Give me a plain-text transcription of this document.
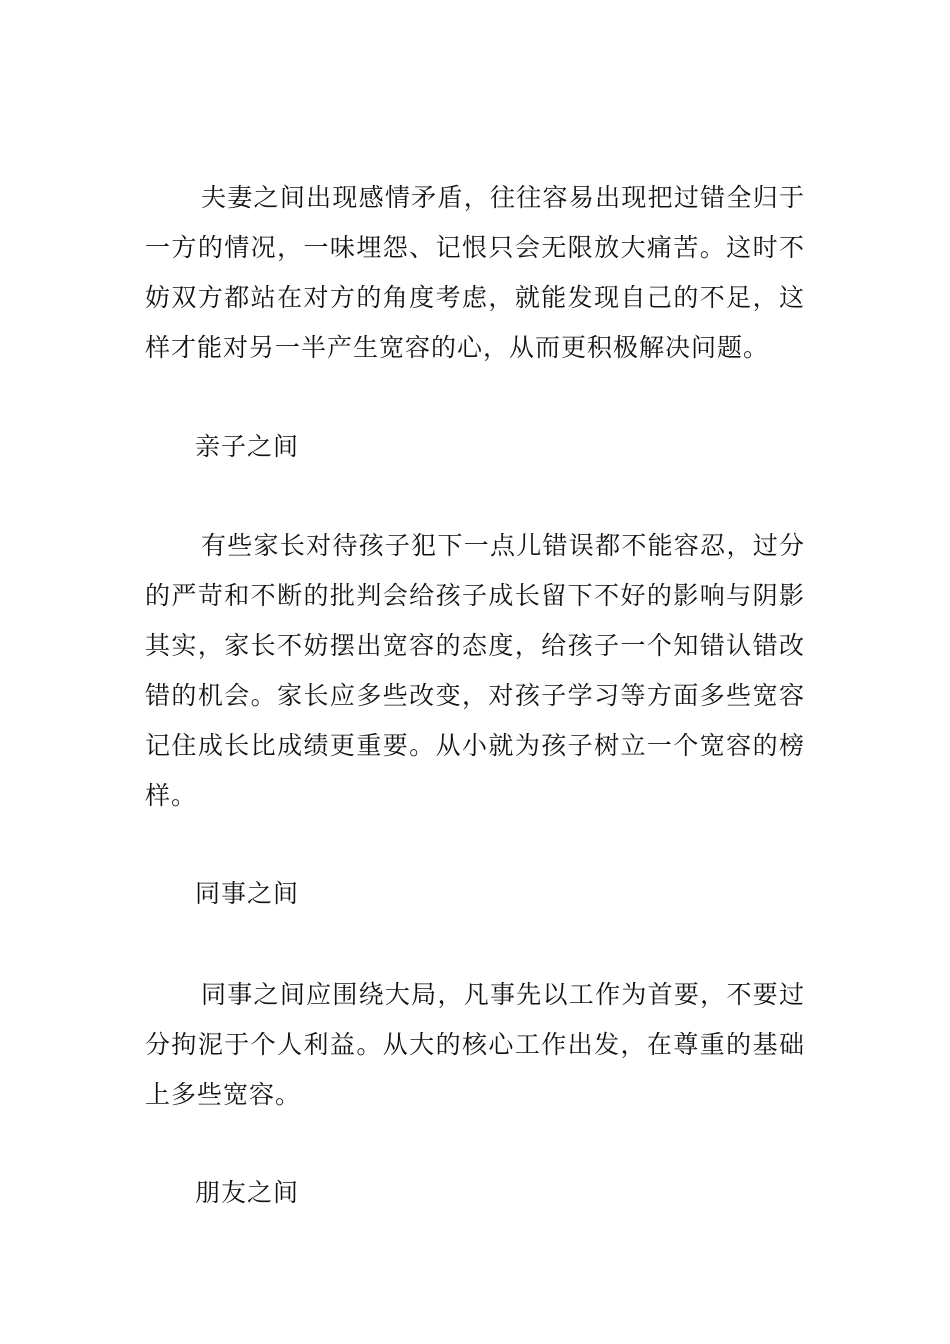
夫妻之间出现感情矛盾，往往容易出现把过错全归于一方的情况，一味埋怨、记恨只会无限放大痛苦。这时不妨双方都站在对方的角度考虑，就能发现自己的不足，这样才能对另一半产生宽容的心，从而更积极解决问题。
亲子之间
有些家长对待孩子犯下一点儿错误都不能容忍，过分的严苛和不断的批判会给孩子成长留下不好的影响与阴影其实，家长不妨摆出宽容的态度，给孩子一个知错认错改错的机会。家长应多些改变，对孩子学习等方面多些宽容记住成长比成绩更重要。从小就为孩子树立一个宽容的榜样。
同事之间
同事之间应围绕大局，凡事先以工作为首要，不要过分拘泥于个人利益。从大的核心工作出发，在尊重的基础上多些宽容。
朋友之间
